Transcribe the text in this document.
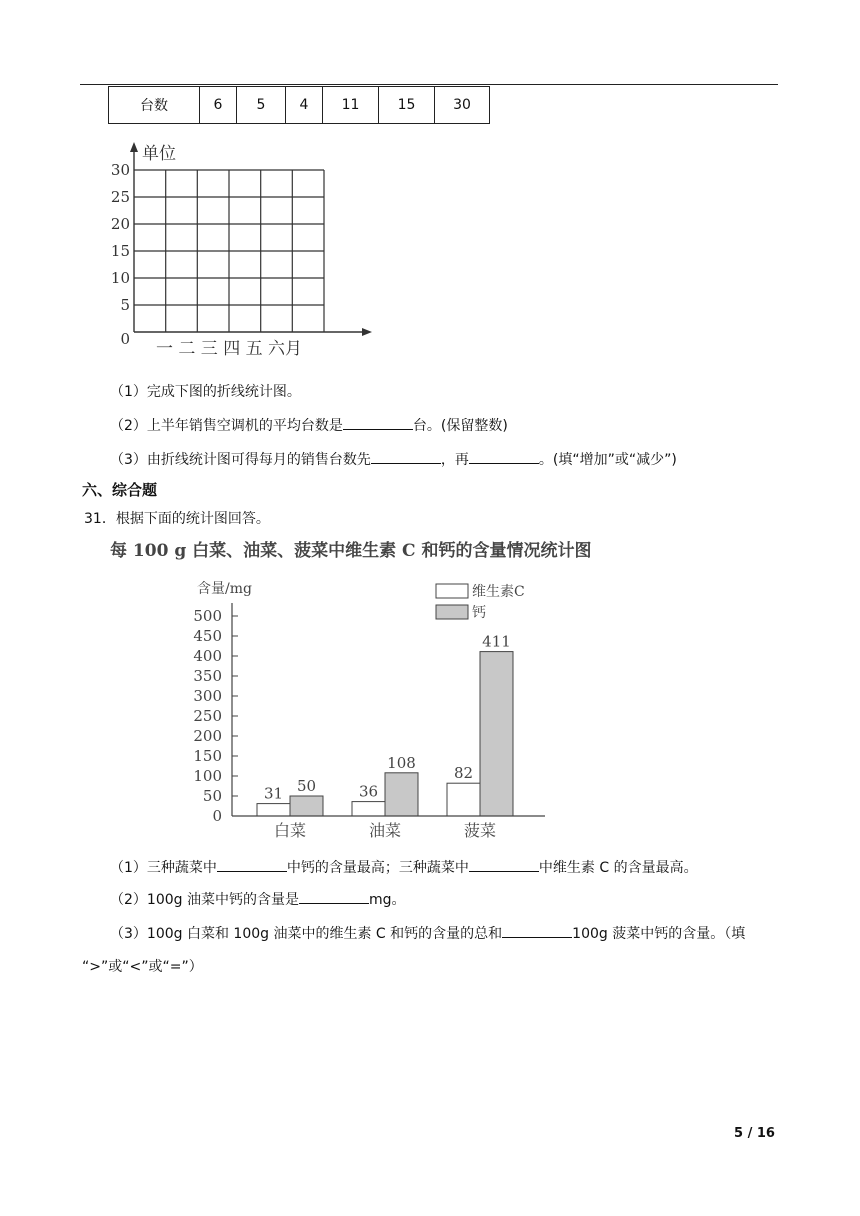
台数	6	5	4	11	15	30
单位
0
5
10
15
20
25
30
一 二 三 四 五 六月
（1）完成下图的折线统计图。
（2）上半年销售空调机的平均台数是	台。(保留整数)
（3）由折线统计图可得每月的销售台数先	，再	。(填“增加”或“减少”)
六、综合题
31．根据下面的统计图回答。
每 100 g 白菜、油菜、菠菜中维生素 C 和钙的含量情况统计图
含量/mg	维生素C
钙
0
50
100
150
200
250
300
350
400
450
500
31 50	36
108
82
411
白菜	油菜	菠菜
（1）三种蔬菜中	中钙的含量最高；三种蔬菜中	中维生素 C 的含量最高。
（2）100g 油菜中钙的含量是	mg。
（3）100g 白菜和 100g 油菜中的维生素 C 和钙的含量的总和	100g 菠菜中钙的含量。（填
“>”或“<”或“=”）
5 / 16
